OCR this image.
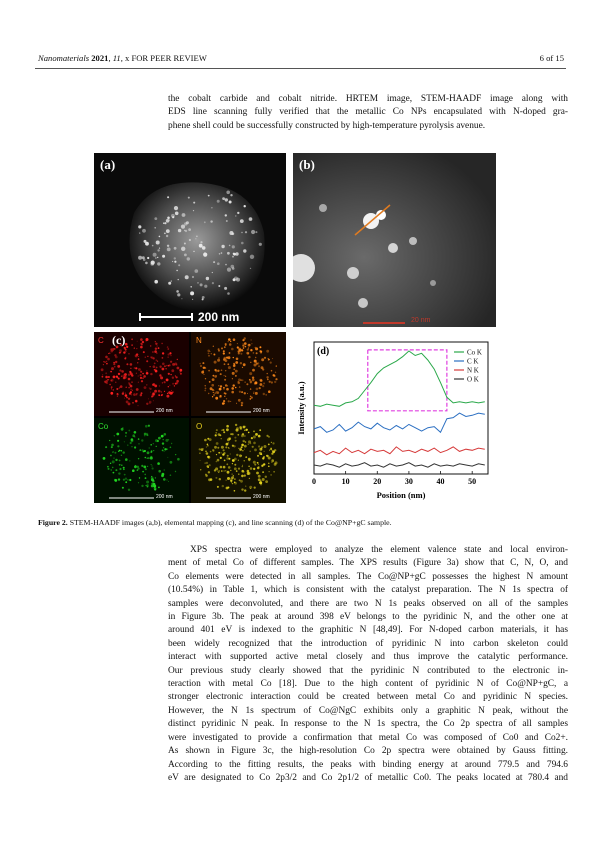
Nanomaterials 2021, 11, x FOR PEER REVIEW	6 of 15
the cobalt carbide and cobalt nitride. HRTEM image, STEM-HAADF image along with
EDS line scanning fully verified that the metallic Co NPs encapsulated with N-doped gra-
phene shell could be successfully constructed by high-temperature pyrolysis avenue.
(a)
200 nm
(b)
20 nm
(c)
C	N
Co	O
200 nm	200 nm
200 nm	200 nm
Co K
C K
N K
O K
0	10	20	30	40	50
Position (nm)
Intensity (a.u.)
(d)
Figure 2. STEM-HAADF images (a,b), elemental mapping (c), and line scanning (d) of the Co@NP+gC sample.
XPS spectra were employed to analyze the element valence state and local environ-
ment of metal Co of different samples. The XPS results (Figure 3a) show that C, N, O, and
Co elements were detected in all samples. The Co@NP+gC possesses the highest N amount
(10.54%) in Table 1, which is consistent with the catalyst preparation. The N 1s spectra of
samples were deconvoluted, and there are two N 1s peaks observed on all of the samples
in Figure 3b. The peak at around 398 eV belongs to the pyridinic N, and the other one at
around 401 eV is indexed to the graphitic N [48,49]. For N-doped carbon materials, it has
been widely recognized that the introduction of pyridinic N into carbon skeleton could
interact with supported active metal closely and thus improve the catalytic performance.
Our previous study clearly showed that the pyridinic N contributed to the electronic in-
teraction with metal Co [18]. Due to the high content of pyridinic N of Co@NP+gC, a
stronger electronic interaction could be created between metal Co and pyridinic N species.
However, the N 1s spectrum of Co@NgC exhibits only a graphitic N peak, without the
distinct pyridinic N peak. In response to the N 1s spectra, the Co 2p spectra of all samples
were investigated to provide a confirmation that metal Co was composed of Co0 and Co2+.
As shown in Figure 3c, the high-resolution Co 2p spectra were obtained by Gauss fitting.
According to the fitting results, the peaks with binding energy at around 779.5 and 794.6
eV are designated to Co 2p3/2 and Co 2p1/2 of metallic Co0. The peaks located at 780.4 and
